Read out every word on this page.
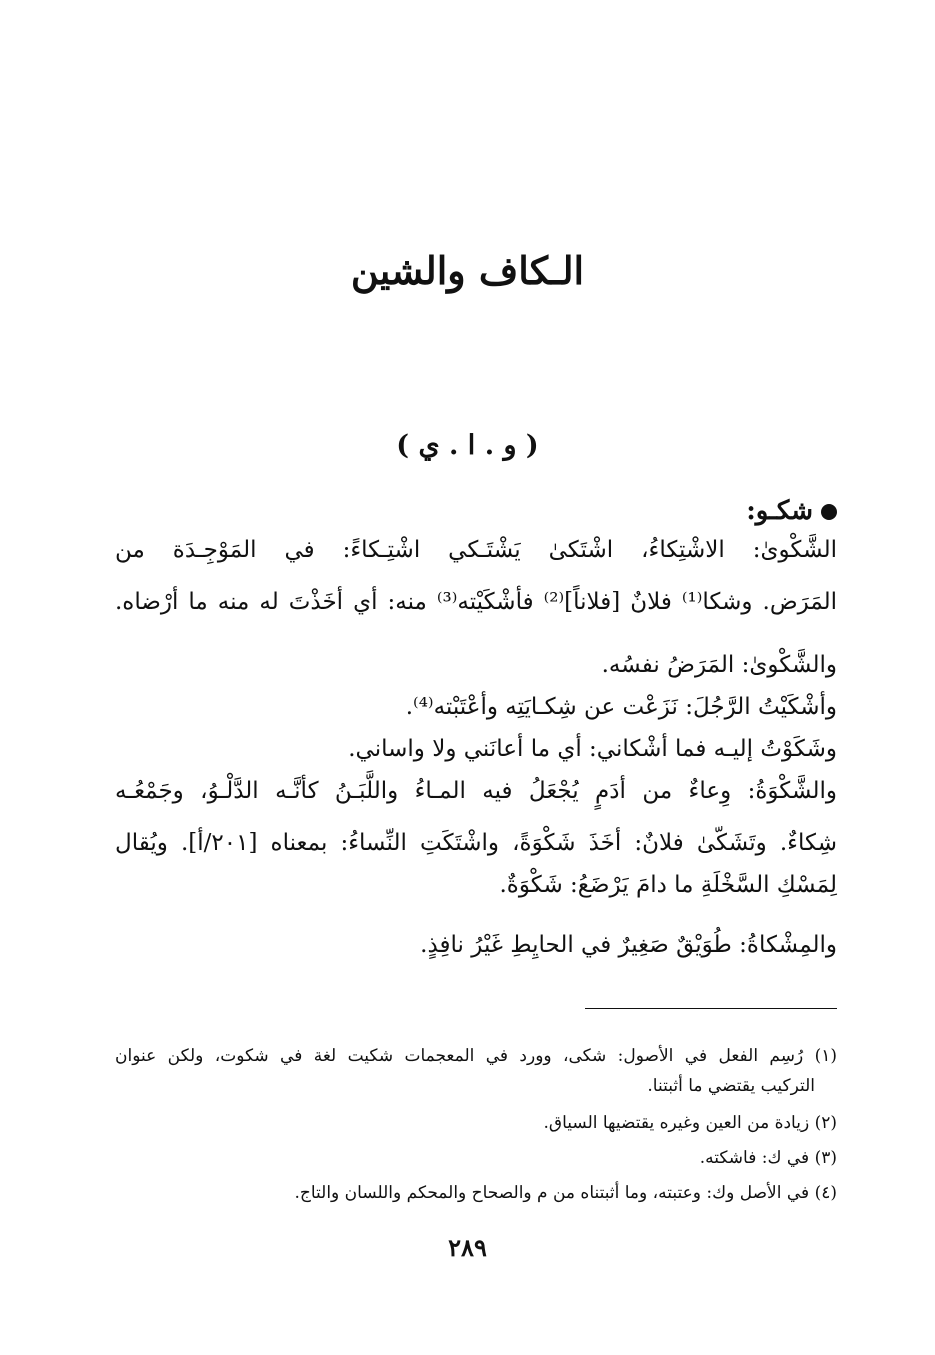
الـكاف والشين
( و . ا . ي )
شكـو:
الشَّكْوىٰ: الاشْتِكاءُ، اشْتَكىٰ يَشْتَـكي اشْتِـكاءً: في المَوْجِـدَة من
المَرَض. وشكا⁽¹⁾ فلانٌ [فلاناً]⁽²⁾ فأشْكَيْته⁽³⁾ منه: أي أخَذْتَ له منه ما أرْضاه.
والشَّكْوىٰ: المَرَضُ نفسُه.
وأشْكَيْتُ الرَّجُلَ: نَزَعْت عن شِكـايَتِه وأعْتَبْته⁽⁴⁾.
وشَكَوْتُ إليـه فما أشْكاني: أي ما أعانَني ولا واساني.
والشَّكْوَةُ: وِعاءٌ من أدَمٍ يُجْعَلُ فيه المـاءُ واللَّبَـنُ كأنَّـه الدَّلْـوُ، وجَمْعُـه
شِكاءٌ. وتَشَكّىٰ فلانٌ: أخَذَ شَكْوَةً، واشْتَكَتِ النِّساءُ: بمعناه [٢٠١/أ]. ويُقال
لِمَسْكِ السَّخْلَةِ ما دامَ يَرْضَعُ: شَكْوَةٌ.
والمِشْكاةُ: طُوَيْقٌ صَغِيرٌ في الحايِطِ غَيْرُ نافِذٍ.
(١) رُسِم الفعل في الأصول: شكى، وورد في المعجمات شكيت لغة في شكوت، ولكن عنوان
التركيب يقتضي ما أثبتنا.
(٢) زيادة من العين وغيره يقتضيها السياق.
(٣) في ك: فاشكته.
(٤) في الأصل وك: وعتبته، وما أثبتناه من م والصحاح والمحكم واللسان والتاج.
٢٨٩
